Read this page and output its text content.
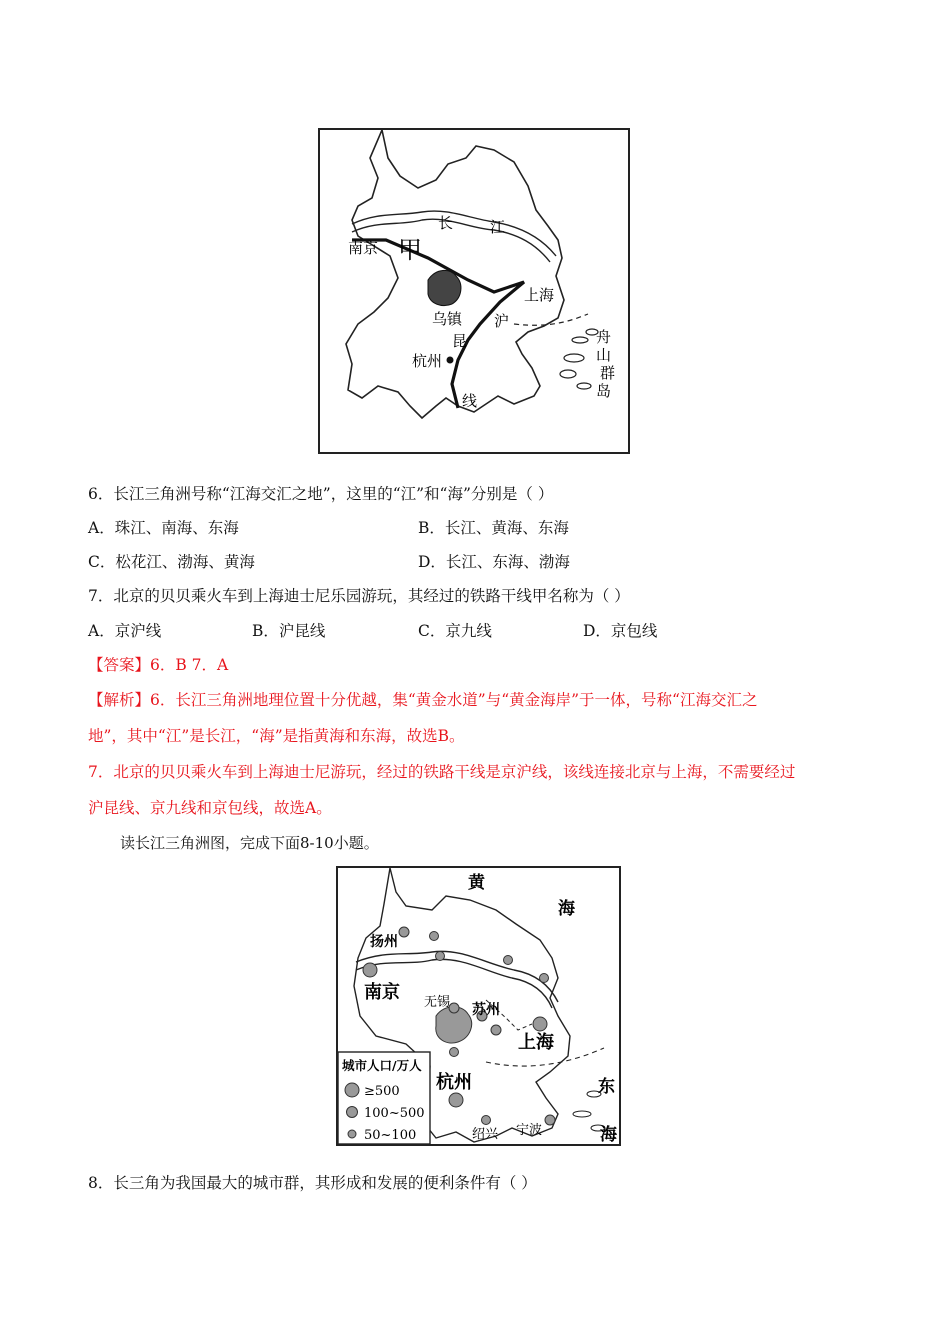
南京 甲
长 江
上海
乌镇 沪
昆
杭州
线
舟
山
群
岛
6．长江三角洲号称“江海交汇之地”，这里的“江”和“海”分别是（ ）
A．珠江、南海、东海	B．长江、黄海、东海
C．松花江、渤海、黄海	D．长江、东海、渤海
7．北京的贝贝乘火车到上海迪士尼乐园游玩，其经过的铁路干线甲名称为（ ）
A．京沪线	B．沪昆线	C．京九线	D．京包线
【答案】6．B 7．A
【解析】6．长江三角洲地理位置十分优越，集“黄金水道”与“黄金海岸”于一体，号称“江海交汇之
地”，其中“江”是长江，“海”是指黄海和东海，故选B。
7．北京的贝贝乘火车到上海迪士尼游玩，经过的铁路干线是京沪线，该线连接北京与上海，不需要经过
沪昆线、京九线和京包线，故选A。
读长江三角洲图，完成下面8-10小题。
黄
海
扬州
南京 无锡 苏州
上海
杭州
绍兴 宁波
东
海
城市人口/万人
≥500
100~500
50~100
8．长三角为我国最大的城市群，其形成和发展的便利条件有（ ）
